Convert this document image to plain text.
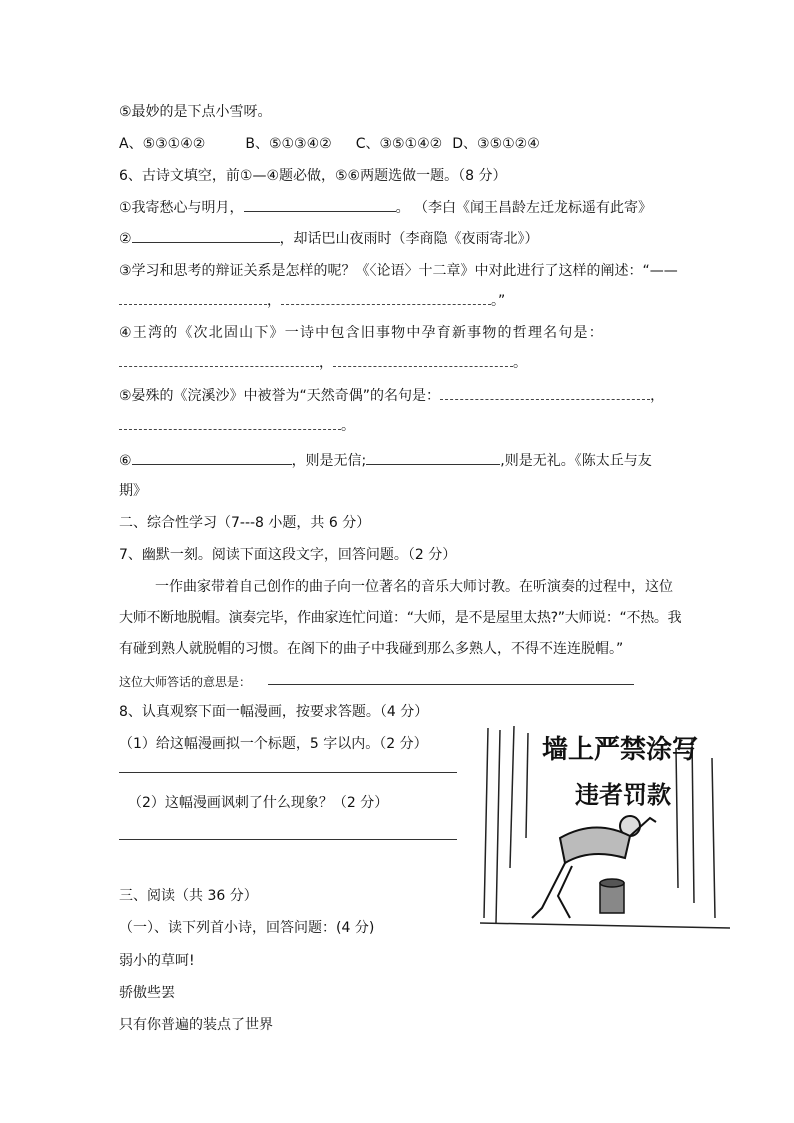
⑤最妙的是下点小雪呀。
A、⑤③①④②	B、⑤①③④② C、③⑤①④② D、③⑤①②④
6、古诗文填空，前①—④题必做，⑤⑥两题选做一题。（8 分）
①我寄愁心与明月，	。 （李白《闻王昌龄左迁龙标遥有此寄》
②	，却话巴山夜雨时（李商隐《夜雨寄北》）
③学习和思考的辩证关系是怎样的呢？《〈论语〉十二章》中对此进行了这样的阐述：“——
，	。”
④王湾的《次北固山下》一诗中包含旧事物中孕育新事物的哲理名句是：
，	。
⑤晏殊的《浣溪沙》中被誉为“天然奇偶”的名句是：	，
。
⑥	，则是无信;	,则是无礼。《陈太丘与友
期》
二、综合性学习（7---8 小题，共 6 分）
7、幽默一刻。阅读下面这段文字，回答问题。（2 分）
一作曲家带着自己创作的曲子向一位著名的音乐大师讨教。在听演奏的过程中，这位
大师不断地脱帽。演奏完毕，作曲家连忙问道：“大师，是不是屋里太热?”大师说：“不热。我
有碰到熟人就脱帽的习惯。在阁下的曲子中我碰到那么多熟人，不得不连连脱帽。”
这位大师答话的意思是：
8、认真观察下面一幅漫画，按要求答题。（4 分）
（1）给这幅漫画拟一个标题，5 字以内。（2 分）
（2）这幅漫画讽刺了什么现象？（2 分）
墙上严禁涂写
违者罚款
三、阅读（共 36 分）
（一）、读下列首小诗，回答问题：(4 分)
弱小的草呵!
骄傲些罢
只有你普遍的装点了世界
